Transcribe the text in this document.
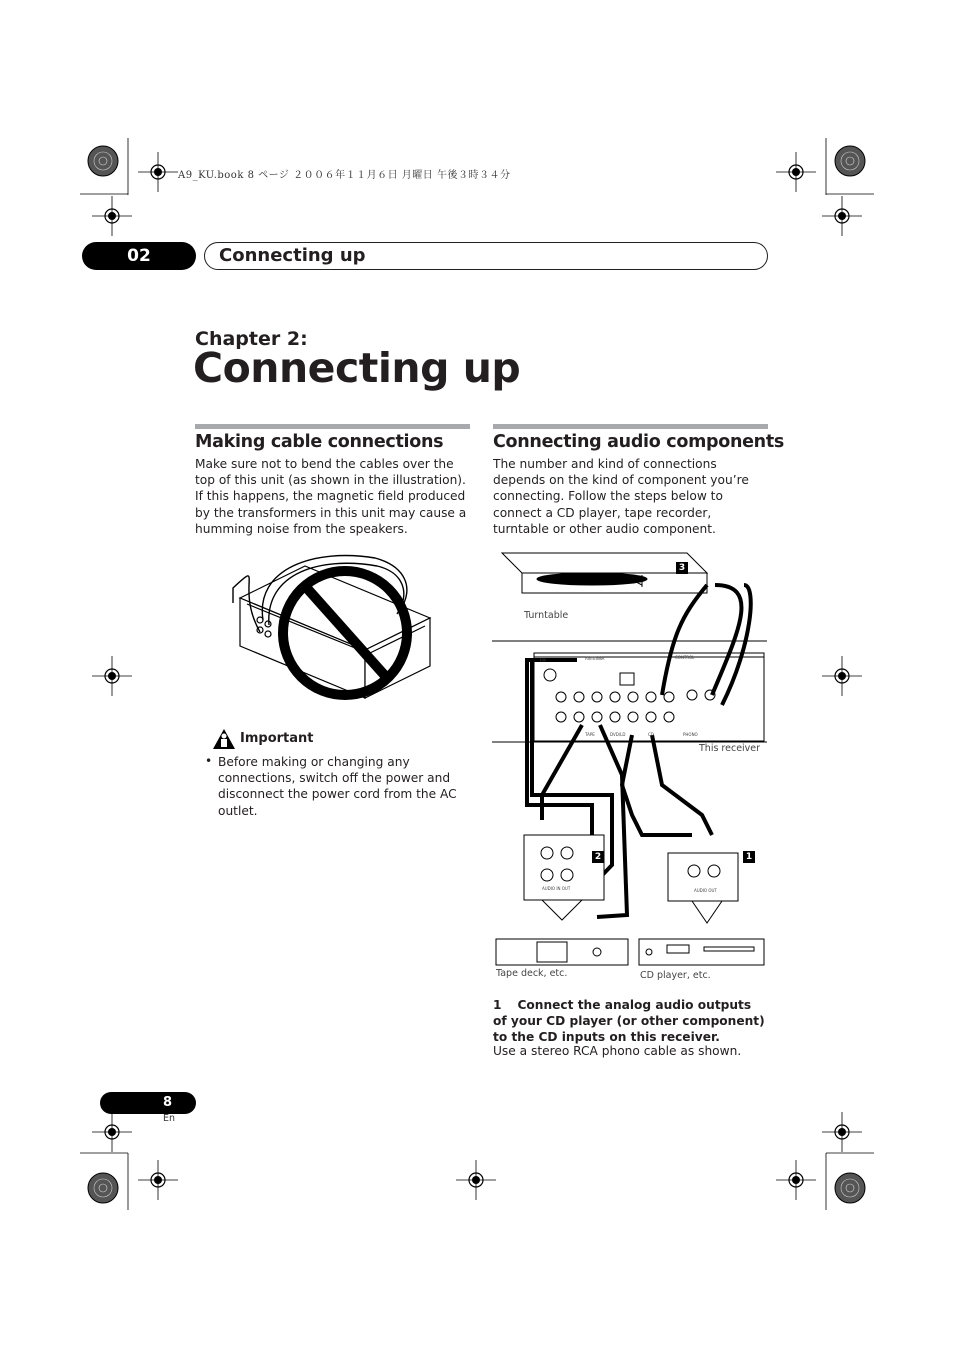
A9_KU.book 8 ページ ２００６年１１月６日 月曜日 午後３時３４分
02	Connecting up
Chapter 2:
Connecting up
Making cable connections
Make sure not to bend the cables over the top of this unit (as shown in the illustration). If this happens, the magnetic field produced by the transformers in this unit may cause a humming noise from the speakers.
Important
• Before making or changing any connections, switch off the power and disconnect the power cord from the AC outlet.
Connecting audio components
The number and kind of connections depends on the kind of component you’re connecting. Follow the steps below to connect a CD player, tape recorder, turntable or other audio component.
Turntable
This receiver
Tape deck, etc.	CD player, etc.
FM	ANTENNA
TAPE	DVD/LD	CD	PHONO
CONTROL
AUDIO IN OUT	AUDIO OUT
3
2	1
1 Connect the analog audio outputs of your CD player (or other component) to the CD inputs on this receiver.
Use a stereo RCA phono cable as shown.
8
En
